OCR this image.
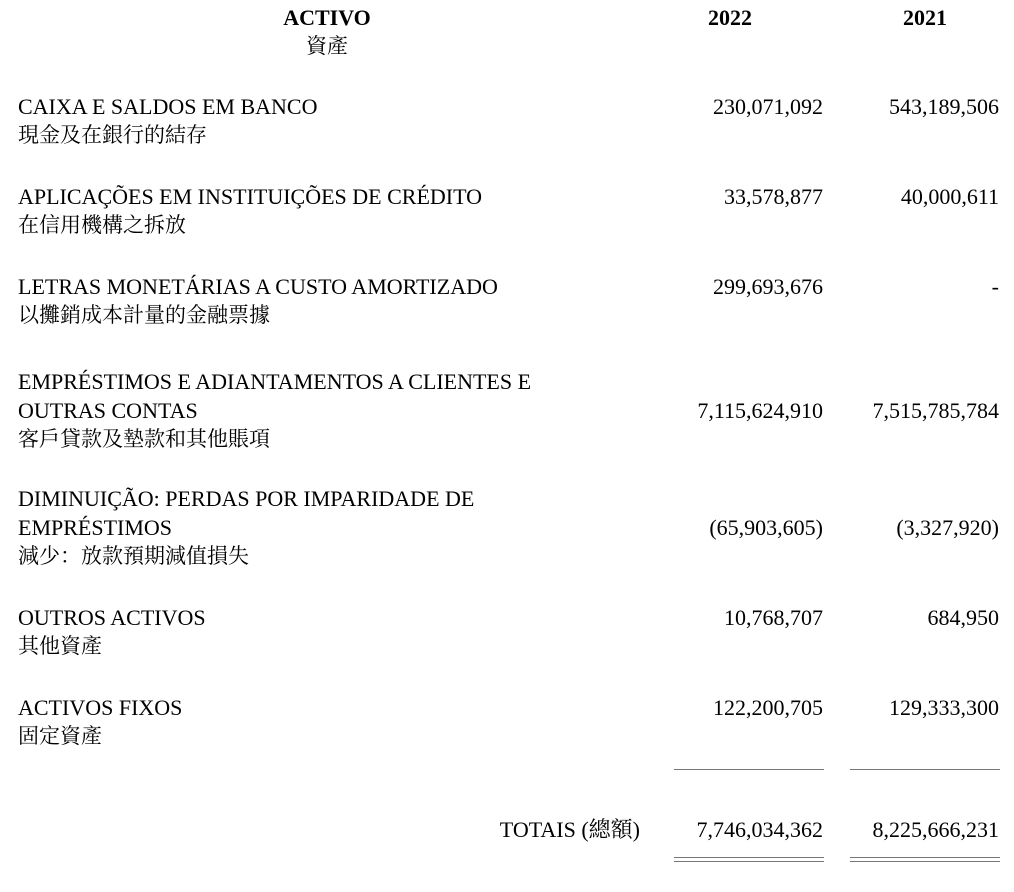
ACTIVO
資產
2022	2021
CAIXA E SALDOS EM BANCO
現金及在銀行的結存
230,071,092	543,189,506
APLICAÇÕES EM INSTITUIÇÕES DE CRÉDITO
在信用機構之拆放
33,578,877	40,000,611
LETRAS MONETÁRIAS A CUSTO AMORTIZADO
以攤銷成本計量的金融票據
299,693,676	-
EMPRÉSTIMOS E ADIANTAMENTOS A CLIENTES E
OUTRAS CONTAS
客戶貸款及墊款和其他賬項
7,115,624,910	7,515,785,784
DIMINUIÇÃO: PERDAS POR IMPARIDADE DE
EMPRÉSTIMOS
減少：放款預期減值損失
(65,903,605)	(3,327,920)
OUTROS ACTIVOS
其他資產
10,768,707	684,950
ACTIVOS FIXOS
固定資產
122,200,705	129,333,300
TOTAIS (總額)	7,746,034,362	8,225,666,231
